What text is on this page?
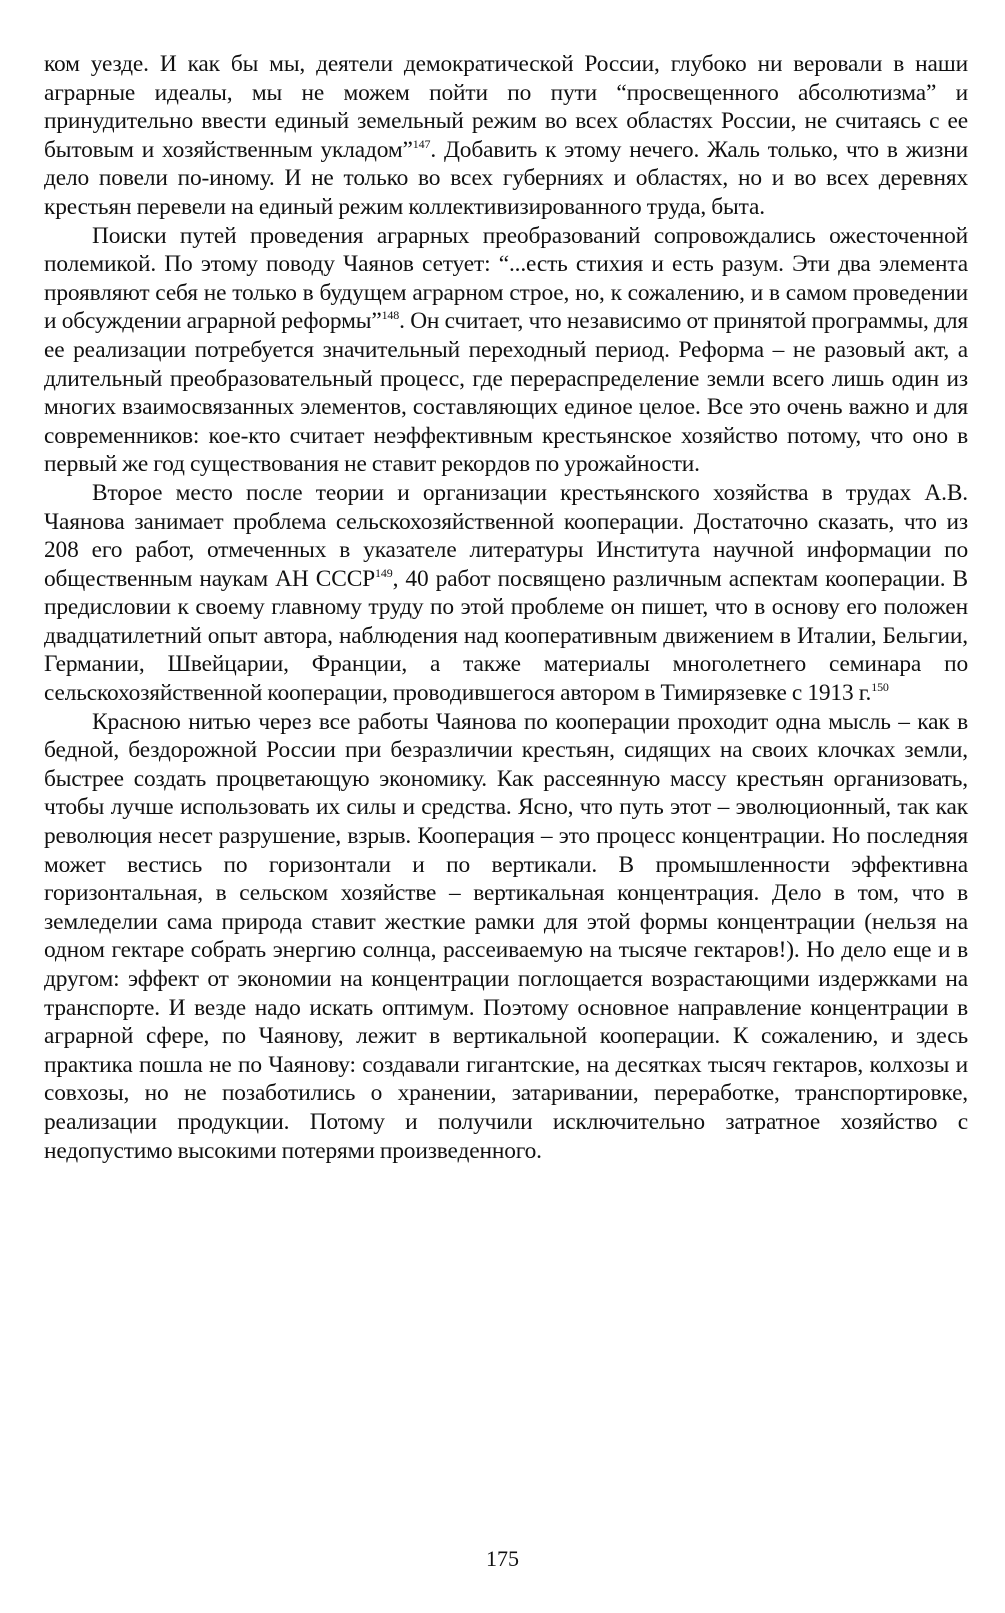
ком уезде. И как бы мы, деятели демократической России, глубоко ни веровали в наши аграрные идеалы, мы не можем пойти по пути “просвещенного абсолютизма” и принудительно ввести единый земельный режим во всех областях России, не считаясь с ее бытовым и хозяйственным укладом”$^{147}$. Добавить к этому нечего. Жаль только, что в жизни дело повели по-иному. И не только во всех губерниях и областях, но и во всех деревнях крестьян перевели на единый режим коллективизированного труда, быта.

Поиски путей проведения аграрных преобразований сопровождались ожесточенной полемикой. По этому поводу Чаянов сетует: “...есть стихия и есть разум. Эти два элемента проявляют себя не только в будущем аграрном строе, но, к сожалению, и в самом проведении и обсуждении аграрной реформы”$^{148}$. Он считает, что независимо от принятой программы, для ее реализации потребуется значительный переходный период. Реформа – не разовый акт, а длительный преобразовательный процесс, где перераспределение земли всего лишь один из многих взаимосвязанных элементов, составляющих единое целое. Все это очень важно и для современников: кое-кто считает неэффективным крестьянское хозяйство потому, что оно в первый же год существования не ставит рекордов по урожайности.

Второе место после теории и организации крестьянского хозяйства в трудах А.В. Чаянова занимает проблема сельскохозяйственной кооперации. Достаточно сказать, что из 208 его работ, отмеченных в указателе литературы Института научной информации по общественным наукам АН СССР$^{149}$, 40 работ посвящено различным аспектам кооперации. В предисловии к своему главному труду по этой проблеме он пишет, что в основу его положен двадцатилетний опыт автора, наблюдения над кооперативным движением в Италии, Бельгии, Германии, Швейцарии, Франции, а также материалы многолетнего семинара по сельскохозяйственной кооперации, проводившегося автором в Тимирязевке с 1913 г.$^{150}$

Красною нитью через все работы Чаянова по кооперации проходит одна мысль – как в бедной, бездорожной России при безразличии крестьян, сидящих на своих клочках земли, быстрее создать процветающую экономику. Как рассеянную массу крестьян организовать, чтобы лучше использовать их силы и средства. Ясно, что путь этот – эволюционный, так как революция несет разрушение, взрыв. Кооперация – это процесс концентрации. Но последняя может вестись по горизонтали и по вертикали. В промышленности эффективна горизонтальная, в сельском хозяйстве – вертикальная концентрация. Дело в том, что в земледелии сама природа ставит жесткие рамки для этой формы концентрации (нельзя на одном гектаре собрать энергию солнца, рассеиваемую на тысяче гектаров!). Но дело еще и в другом: эффект от экономии на концентрации поглощается возрастающими издержками на транспорте. И везде надо искать оптимум. Поэтому основное направление концентрации в аграрной сфере, по Чаянову, лежит в вертикальной кооперации. К сожалению, и здесь практика пошла не по Чаянову: создавали гигантские, на десятках тысяч гектаров, колхозы и совхозы, но не позаботились о хранении, затаривании, переработке, транспортировке, реализации продукции. Потому и получили исключительно затратное хозяйство с недопустимо высокими потерями произведенного.

175
